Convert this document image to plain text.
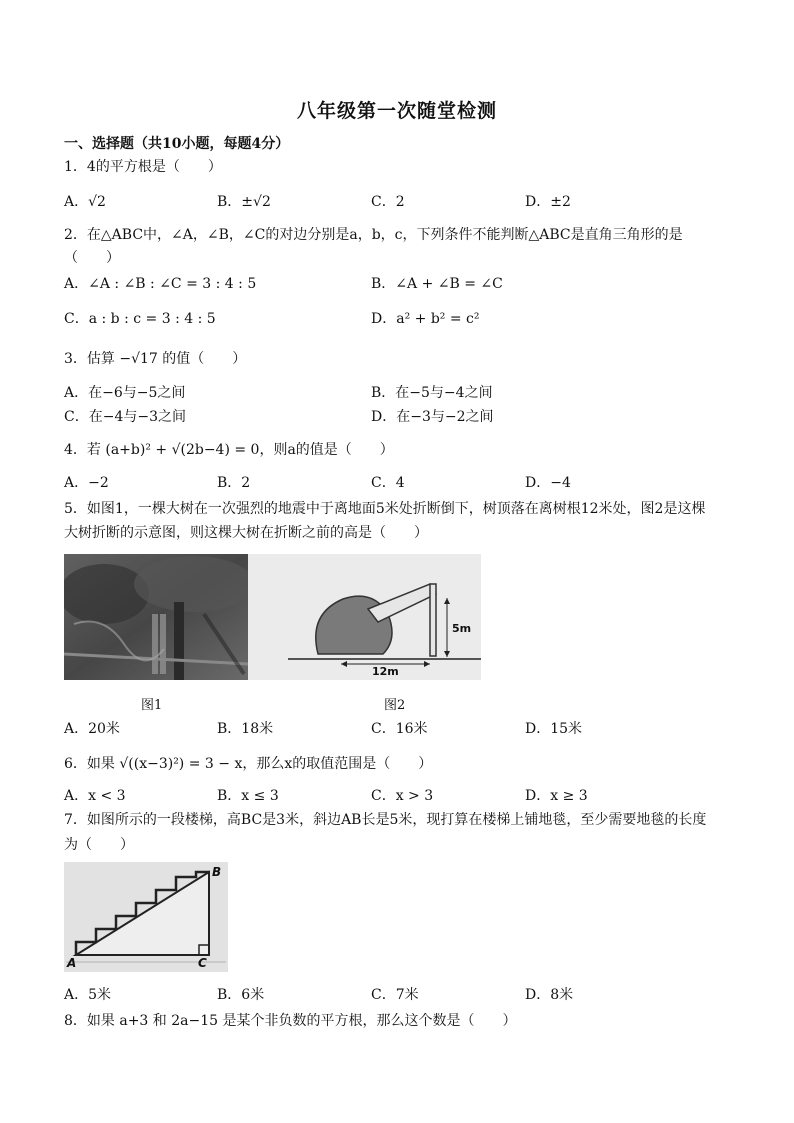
八年级第一次随堂检测
一、选择题（共10小题，每题4分）
1．4的平方根是（　　）
A．√2	B．±√2	C．2	D．±2
2．在△ABC中，∠A，∠B，∠C的对边分别是a，b，c，下列条件不能判断△ABC是直角三角形的是
（　　）
A．∠A : ∠B : ∠C = 3 : 4 : 5	B．∠A + ∠B = ∠C
C．a : b : c = 3 : 4 : 5	D．a² + b² = c²
3．估算 −√17 的值（　　）
A．在−6与−5之间	B．在−5与−4之间
C．在−4与−3之间	D．在−3与−2之间
4．若 (a+b)² + √(2b−4) = 0，则a的值是（　　）
A．−2	B．2	C．4	D．−4
5．如图1，一棵大树在一次强烈的地震中于离地面5米处折断倒下，树顶落在离树根12米处，图2是这棵
大树折断的示意图，则这棵大树在折断之前的高是（　　）
5m
12m
图1	图2
A．20米	B．18米	C．16米	D．15米
6．如果 √((x−3)²) = 3 − x，那么x的取值范围是（　　）
A．x < 3	B．x ≤ 3	C．x > 3	D．x ≥ 3
7．如图所示的一段楼梯，高BC是3米，斜边AB长是5米，现打算在楼梯上铺地毯，至少需要地毯的长度
为（　　）
A
B
C
A．5米	B．6米	C．7米	D．8米
8．如果 a+3 和 2a−15 是某个非负数的平方根，那么这个数是（　　）
